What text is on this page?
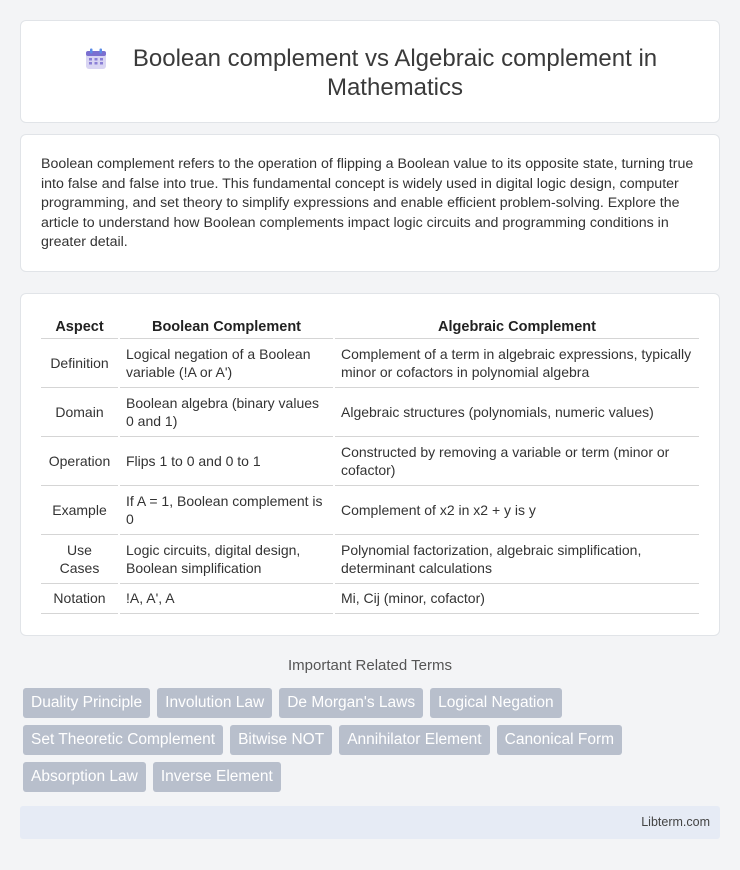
Boolean complement vs Algebraic complement in Mathematics

Boolean complement refers to the operation of flipping a Boolean value to its opposite state, turning true into false and false into true. This fundamental concept is widely used in digital logic design, computer programming, and set theory to simplify expressions and enable efficient problem-solving. Explore the article to understand how Boolean complements impact logic circuits and programming conditions in greater detail.

Aspect	Boolean Complement	Algebraic Complement
Definition	Logical negation of a Boolean variable (!A or A')	Complement of a term in algebraic expressions, typically minor or cofactors in polynomial algebra
Domain	Boolean algebra (binary values 0 and 1)	Algebraic structures (polynomials, numeric values)
Operation	Flips 1 to 0 and 0 to 1	Constructed by removing a variable or term (minor or cofactor)
Example	If A = 1, Boolean complement is 0	Complement of x2 in x2 + y is y
Use Cases	Logic circuits, digital design, Boolean simplification	Polynomial factorization, algebraic simplification, determinant calculations
Notation	!A, A', A	Mi, Cij (minor, cofactor)
Important Related Terms
Duality Principle	Involution Law	De Morgan's Laws	Logical Negation
Set Theoretic Complement	Bitwise NOT	Annihilator Element	Canonical Form
Absorption Law	Inverse Element
Libterm.com
